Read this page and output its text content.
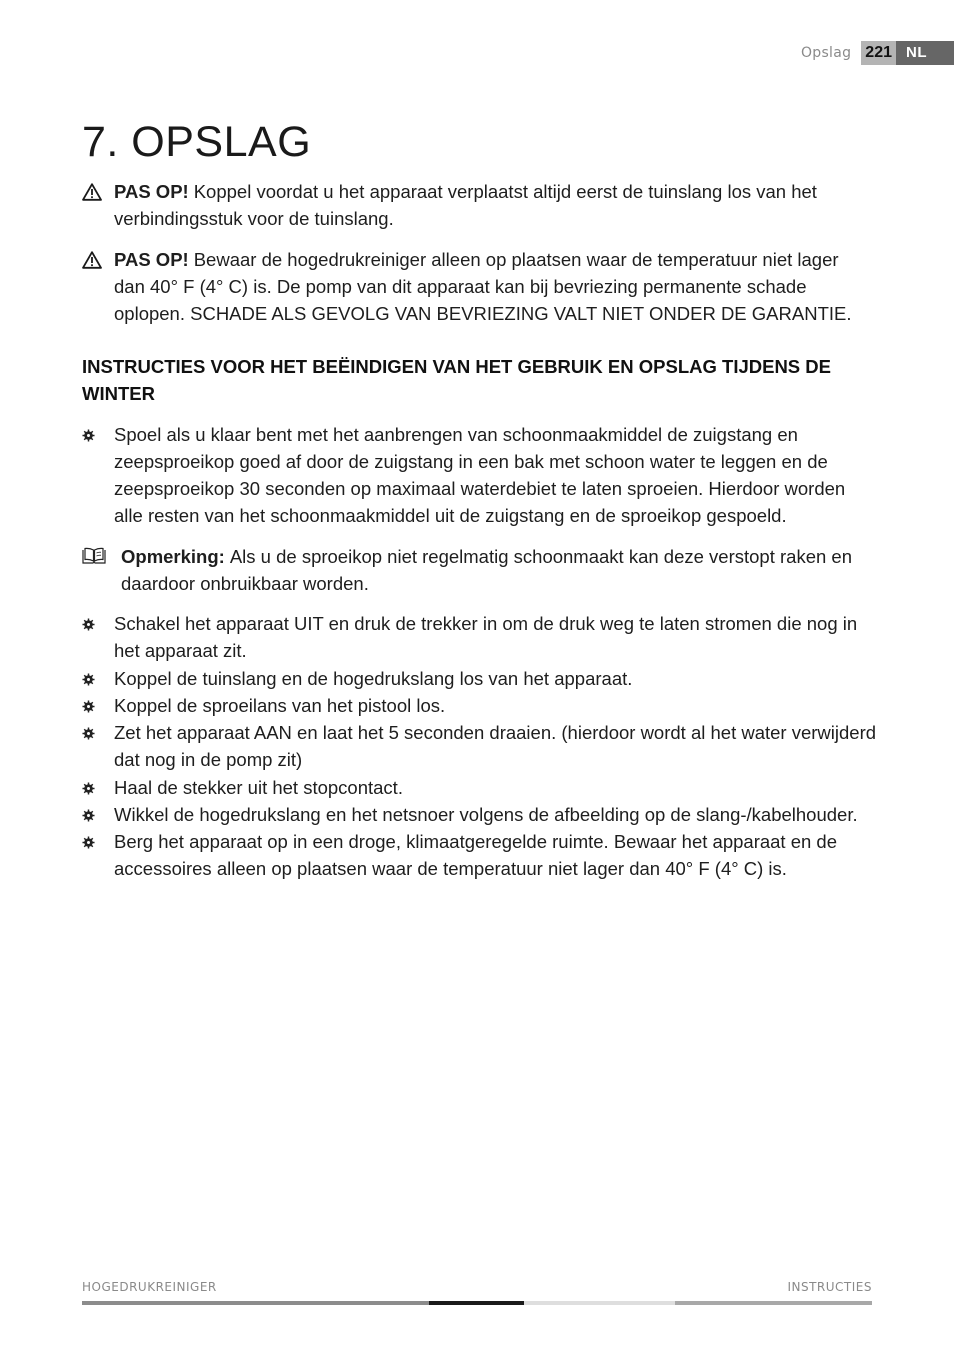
Opslag 221 NL
7. OPSLAG
PAS OP! Koppel voordat u het apparaat verplaatst altijd eerst de tuinslang los van het verbindingsstuk voor de tuinslang.
PAS OP! Bewaar de hogedrukreiniger alleen op plaatsen waar de temperatuur niet lager dan 40° F (4° C) is. De pomp van dit apparaat kan bij bevriezing permanente schade oplopen. SCHADE ALS GEVOLG VAN BEVRIEZING VALT NIET ONDER DE GARANTIE.
INSTRUCTIES VOOR HET BEËINDIGEN VAN HET GEBRUIK EN OPSLAG TIJDENS DE WINTER
Spoel als u klaar bent met het aanbrengen van schoonmaakmiddel de zuigstang en zeepsproeikop goed af door de zuigstang in een bak met schoon water te leggen en de zeepsproeikop 30 seconden op maximaal waterdebiet te laten sproeien. Hierdoor worden alle resten van het schoonmaakmiddel uit de zuigstang en de sproeikop gespoeld.
Opmerking: Als u de sproeikop niet regelmatig schoonmaakt kan deze verstopt raken en daardoor onbruikbaar worden.
Schakel het apparaat UIT en druk de trekker in om de druk weg te laten stromen die nog in het apparaat zit.
Koppel de tuinslang en de hogedrukslang los van het apparaat.
Koppel de sproeilans van het pistool los.
Zet het apparaat AAN en laat het 5 seconden draaien. (hierdoor wordt al het water verwijderd dat nog in de pomp zit)
Haal de stekker uit het stopcontact.
Wikkel de hogedrukslang en het netsnoer volgens de afbeelding op de slang-/kabelhouder.
Berg het apparaat op in een droge, klimaatgeregelde ruimte. Bewaar het apparaat en de accessoires alleen op plaatsen waar de temperatuur niet lager dan 40° F (4° C) is.
HOGEDRUKREINIGER	INSTRUCTIES
